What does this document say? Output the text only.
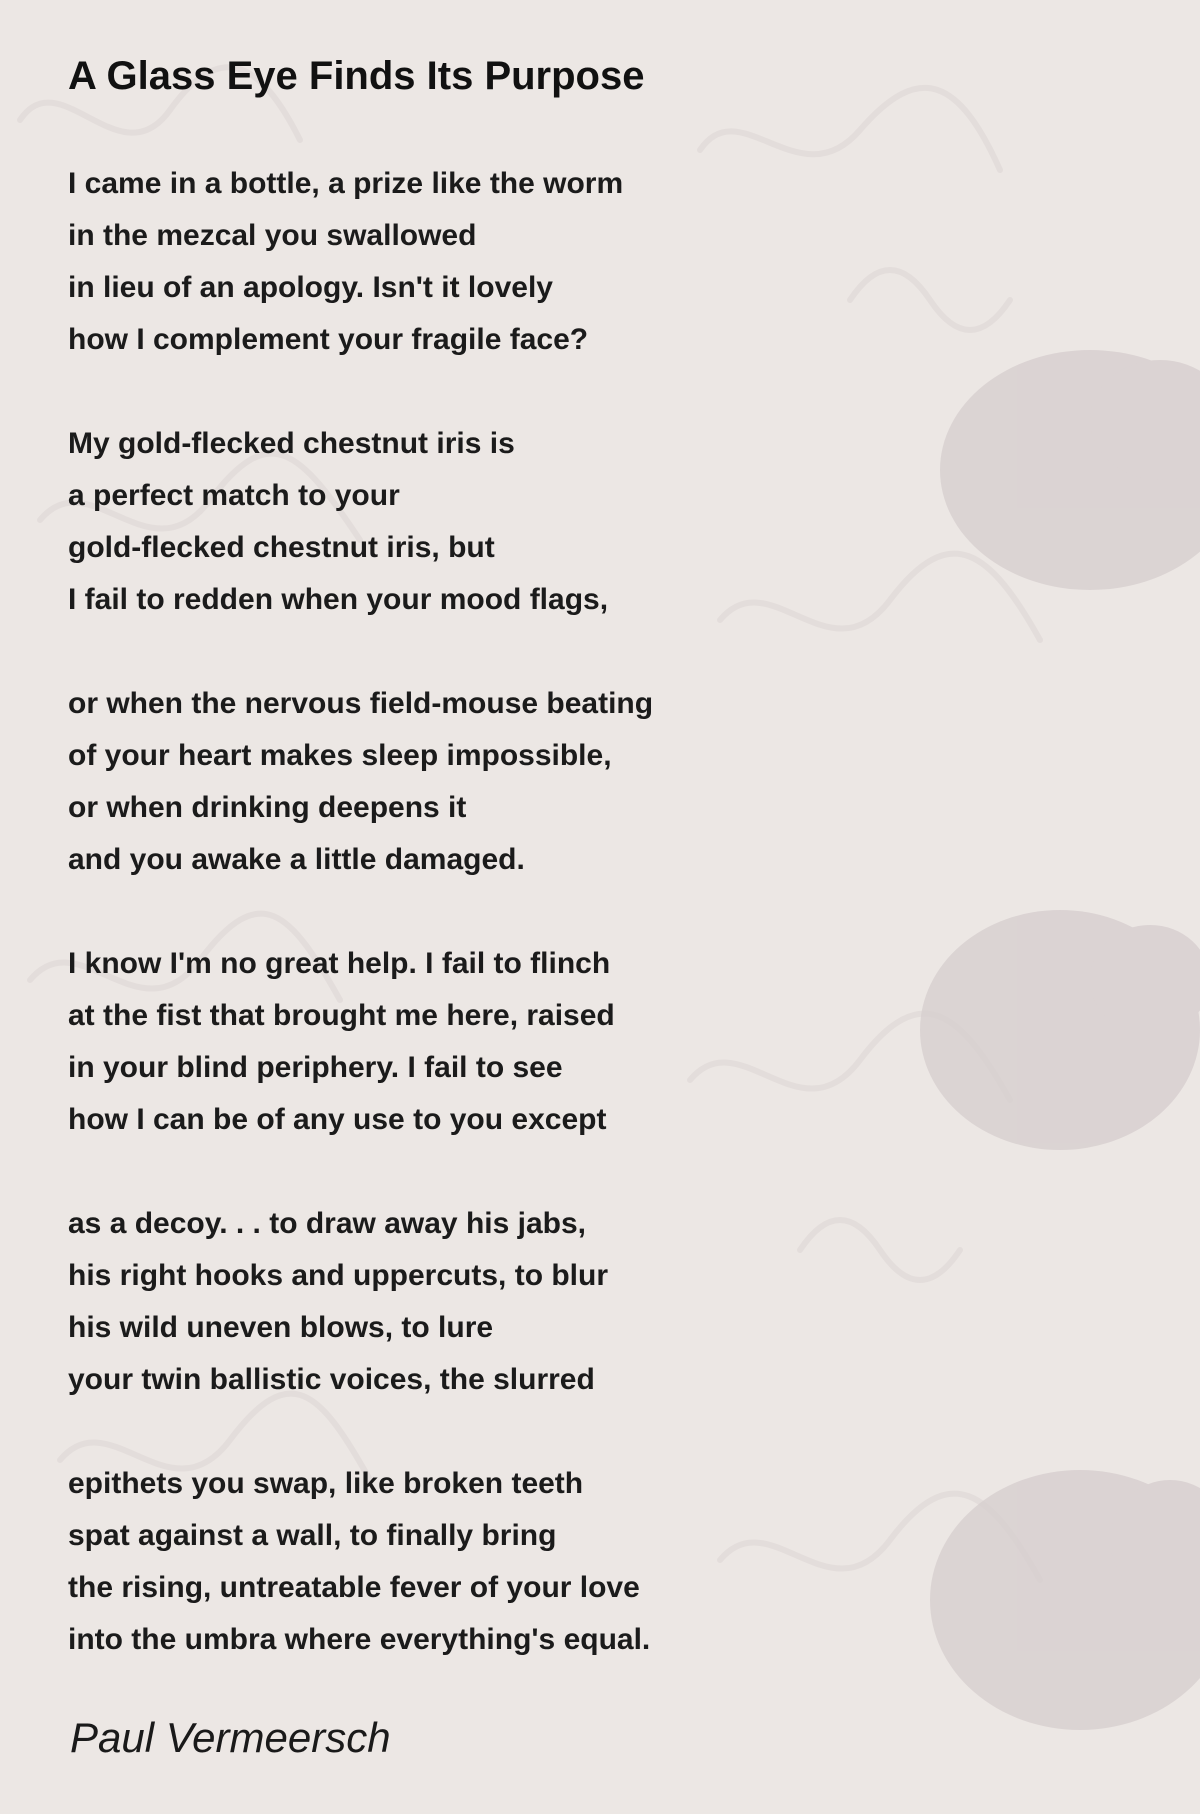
A Glass Eye Finds Its Purpose
I came in a bottle, a prize like the worm
in the mezcal you swallowed
in lieu of an apology. Isn't it lovely
how I complement your fragile face?
My gold-flecked chestnut iris is
a perfect match to your
gold-flecked chestnut iris, but
I fail to redden when your mood flags,
or when the nervous field-mouse beating
of your heart makes sleep impossible,
or when drinking deepens it
and you awake a little damaged.
I know I'm no great help. I fail to flinch
at the fist that brought me here, raised
in your blind periphery. I fail to see
how I can be of any use to you except
as a decoy. . . to draw away his jabs,
his right hooks and uppercuts, to blur
his wild uneven blows, to lure
your twin ballistic voices, the slurred
epithets you swap, like broken teeth
spat against a wall, to finally bring
the rising, untreatable fever of your love
into the umbra where everything's equal.
Paul Vermeersch
